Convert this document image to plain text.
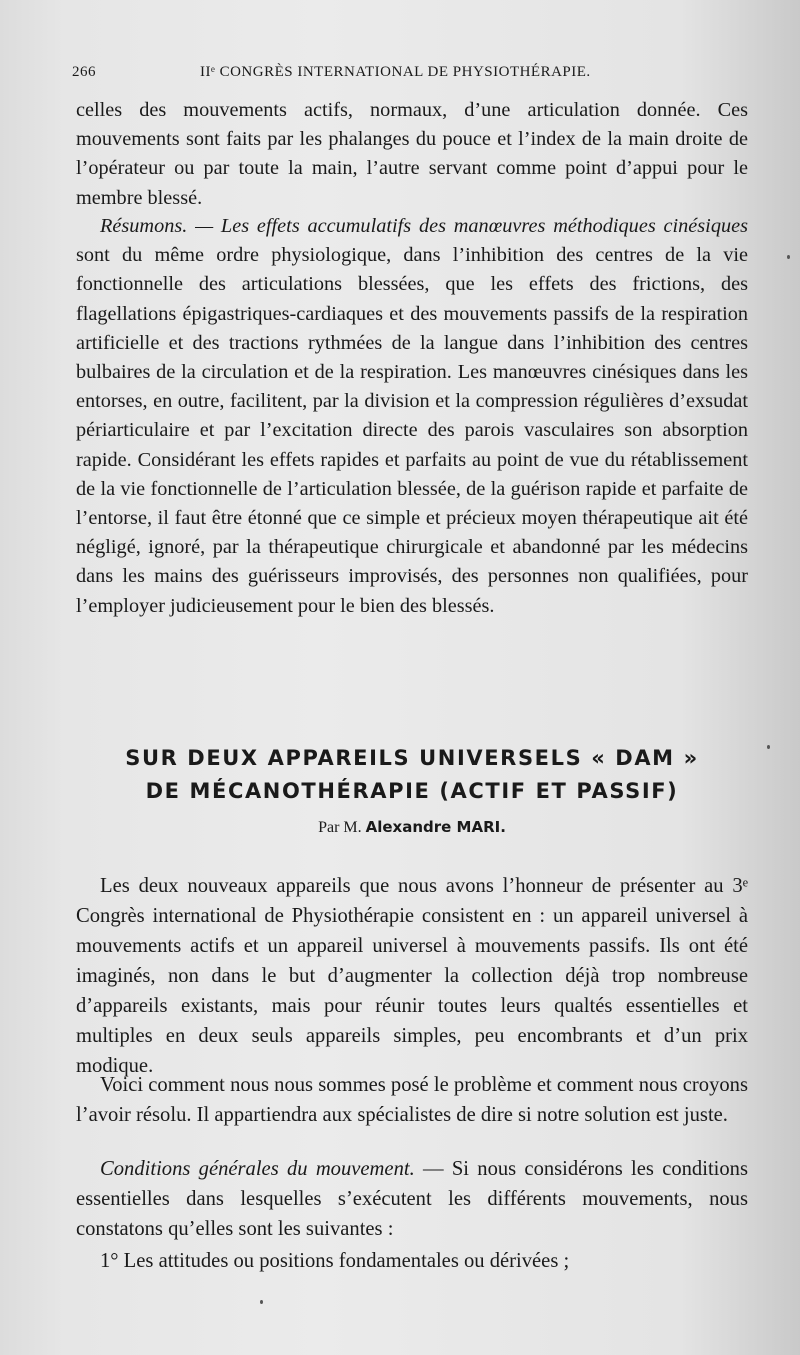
266	IIᵉ CONGRÈS INTERNATIONAL DE PHYSIOTHÉRAPIE.

celles des mouvements actifs, normaux, d’une articulation donnée. Ces mouvements sont faits par les phalanges du pouce et l’index de la main droite de l’opérateur ou par toute la main, l’autre servant comme point d’appui pour le membre blessé.

Résumons. — Les effets accumulatifs des manœuvres méthodiques cinésiques sont du même ordre physiologique, dans l’inhibition des centres de la vie fonctionnelle des articulations blessées, que les effets des frictions, des flagellations épigastriques-cardiaques et des mouvements passifs de la respiration artificielle et des tractions rythmées de la langue dans l’inhibition des centres bulbaires de la circulation et de la respiration. Les manœuvres cinésiques dans les entorses, en outre, facilitent, par la division et la compression régulières d’exsudat périarticulaire et par l’excitation directe des parois vasculaires son absorption rapide. Considérant les effets rapides et parfaits au point de vue du rétablissement de la vie fonctionnelle de l’articulation blessée, de la guérison rapide et parfaite de l’entorse, il faut être étonné que ce simple et précieux moyen thérapeutique ait été négligé, ignoré, par la thérapeutique chirurgicale et abandonné par les médecins dans les mains des guérisseurs improvisés, des personnes non qualifiées, pour l’employer judicieusement pour le bien des blessés.

SUR DEUX APPAREILS UNIVERSELS « DAM »
DE MÉCANOTHÉRAPIE (ACTIF ET PASSIF)

Par M. Alexandre MARI.

Les deux nouveaux appareils que nous avons l’honneur de présenter au 3ᵉ Congrès international de Physiothérapie consistent en : un appareil universel à mouvements actifs et un appareil universel à mouvements passifs. Ils ont été imaginés, non dans le but d’augmenter la collection déjà trop nombreuse d’appareils existants, mais pour réunir toutes leurs qualtés essentielles et multiples en deux seuls appareils simples, peu encombrants et d’un prix modique.

Voici comment nous nous sommes posé le problème et comment nous croyons l’avoir résolu. Il appartiendra aux spécialistes de dire si notre solution est juste.

Conditions générales du mouvement. — Si nous considérons les conditions essentielles dans lesquelles s’exécutent les différents mouvements, nous constatons qu’elles sont les suivantes :

1° Les attitudes ou positions fondamentales ou dérivées ;
